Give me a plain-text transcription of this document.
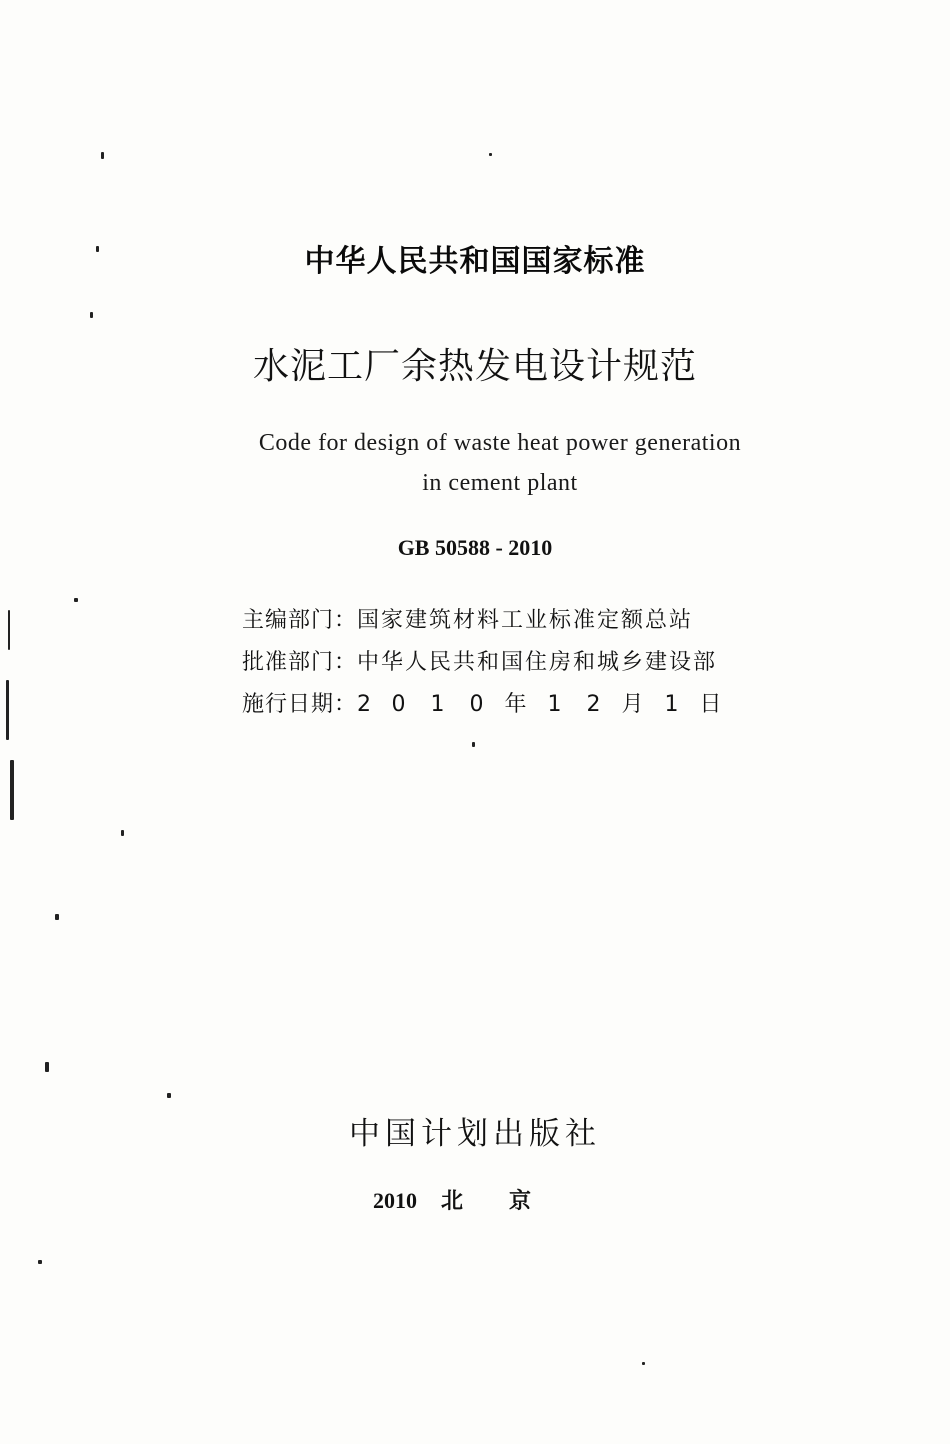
中华人民共和国国家标准
水泥工厂余热发电设计规范
Code for design of waste heat power generation
in cement plant
GB 50588 - 2010
主编部门：国家建筑材料工业标准定额总站
批准部门：中华人民共和国住房和城乡建设部
施行日期：2 0 1 0 年 1 2 月 1 日
中国计划出版社
2010 北京
